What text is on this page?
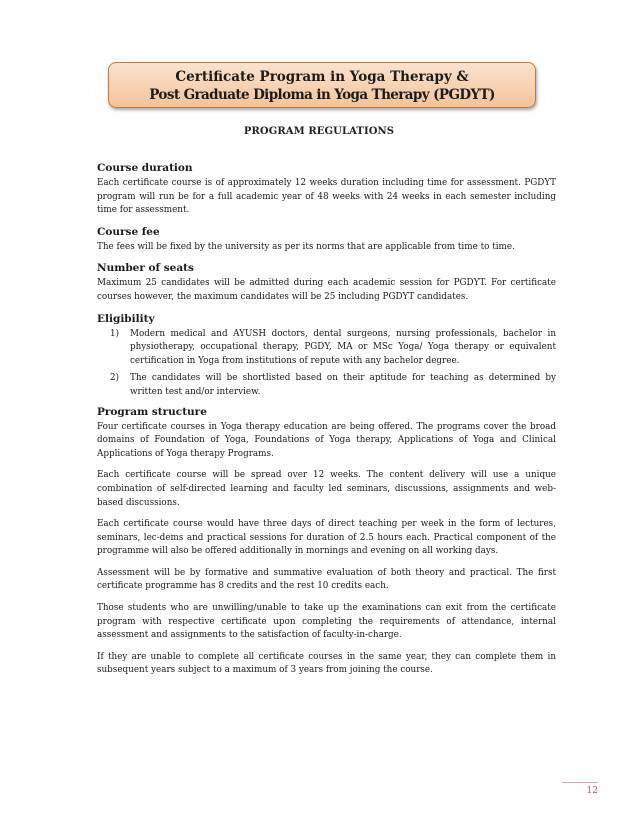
Certificate Program in Yoga Therapy &
Post Graduate Diploma in Yoga Therapy (PGDYT)
PROGRAM REGULATIONS
Course duration

Each certificate course is of approximately 12 weeks duration including time for assessment. PGDYT program will run be for a full academic year of 48 weeks with 24 weeks in each semester including time for assessment.

Course fee

The fees will be fixed by the university as per its norms that are applicable from time to time.

Number of seats

Maximum 25 candidates will be admitted during each academic session for PGDYT. For certificate courses however, the maximum candidates will be 25 including PGDYT candidates.

Eligibility
1)	Modern medical and AYUSH doctors, dental surgeons, nursing professionals, bachelor in physiotherapy, occupational therapy, PGDY, MA or MSc Yoga/ Yoga therapy or equivalent certification in Yoga from institutions of repute with any bachelor degree.
2)	The candidates will be shortlisted based on their aptitude for teaching as determined by written test and/or interview.
Program structure

Four certificate courses in Yoga therapy education are being offered. The programs cover the broad domains of Foundation of Yoga, Foundations of Yoga therapy, Applications of Yoga and Clinical Applications of Yoga therapy Programs.

Each certificate course will be spread over 12 weeks. The content delivery will use a unique combination of self-directed learning and faculty led seminars, discussions, assignments and web-based discussions.

Each certificate course would have three days of direct teaching per week in the form of lectures, seminars, lec-dems and practical sessions for duration of 2.5 hours each. Practical component of the programme will also be offered additionally in mornings and evening on all working days.

Assessment will be by formative and summative evaluation of both theory and practical. The first certificate programme has 8 credits and the rest 10 credits each.

Those students who are unwilling/unable to take up the examinations can exit from the certificate program with respective certificate upon completing the requirements of attendance, internal assessment and assignments to the satisfaction of faculty-in-charge.

If they are unable to complete all certificate courses in the same year, they can complete them in subsequent years subject to a maximum of 3 years from joining the course.

12
